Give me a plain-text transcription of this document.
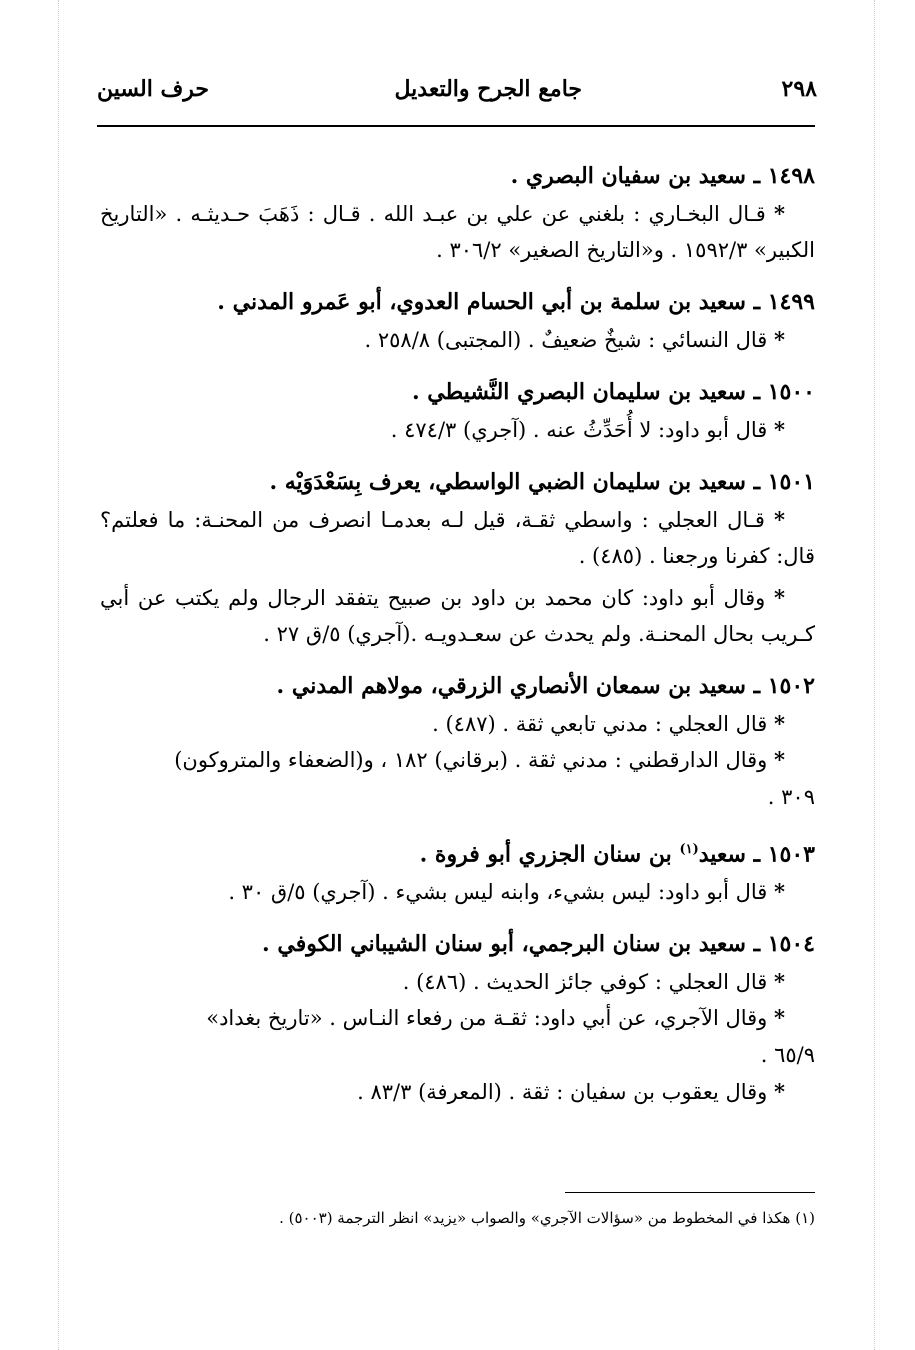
٢٩٨
جامع الجرح والتعديل
حرف السين
١٤٩٨ ـ سعيد بن سفيان البصري .
* قـال البخـاري : بلغني عن علي بن عبـد الله . قـال : ذَهَبَ حـديثـه . «التاريخ الكبير» ١٥٩٢/٣ . و«التاريخ الصغير» ٣٠٦/٢ .
١٤٩٩ ـ سعيد بن سلمة بن أبي الحسام العدوي، أبو عَمرو المدني .
* قال النسائي : شيخٌ ضعيفٌ . (المجتبى) ٢٥٨/٨ .
١٥٠٠ ـ سعيد بن سليمان البصري النَّشيطي .
* قال أبو داود: لا أُحَدِّثُ عنه . (آجري) ٤٧٤/٣ .
١٥٠١ ـ سعيد بن سليمان الضبي الواسطي، يعرف بِسَعْدَوَيْه .
* قـال العجلي : واسطي ثقـة، قيل لـه بعدمـا انصرف من المحنـة: ما فعلتم؟ قال: كفرنا ورجعنا . (٤٨٥) .
* وقال أبو داود: كان محمد بن داود بن صبيح يتفقد الرجال ولم يكتب عن أبي كـريب بحال المحنـة. ولم يحدث عن سعـدويـه .(آجري) ٥/ق ٢٧ .
١٥٠٢ ـ سعيد بن سمعان الأنصاري الزرقي، مولاهم المدني .
* قال العجلي : مدني تابعي ثقة . (٤٨٧) .
* وقال الدارقطني : مدني ثقة . (برقاني) ١٨٢ ، و(الضعفاء والمتروكون)
٣٠٩ .
١٥٠٣ ـ سعيد$^{(١)}$ بن سنان الجزري أبو فروة .
* قال أبو داود: ليس بشيء، وابنه ليس بشيء . (آجري) ٥/ق ٣٠ .
١٥٠٤ ـ سعيد بن سنان البرجمي، أبو سنان الشيباني الكوفي .
* قال العجلي : كوفي جائز الحديث . (٤٨٦) .
* وقال الآجري، عن أبي داود: ثقـة من رفعاء النـاس . «تاريخ بغداد»
٦٥/٩ .
* وقال يعقوب بن سفيان : ثقة . (المعرفة) ٨٣/٣ .
(١) هكذا في المخطوط من «سؤالات الآجري» والصواب «يزيد» انظر الترجمة (٥٠٠٣) .
